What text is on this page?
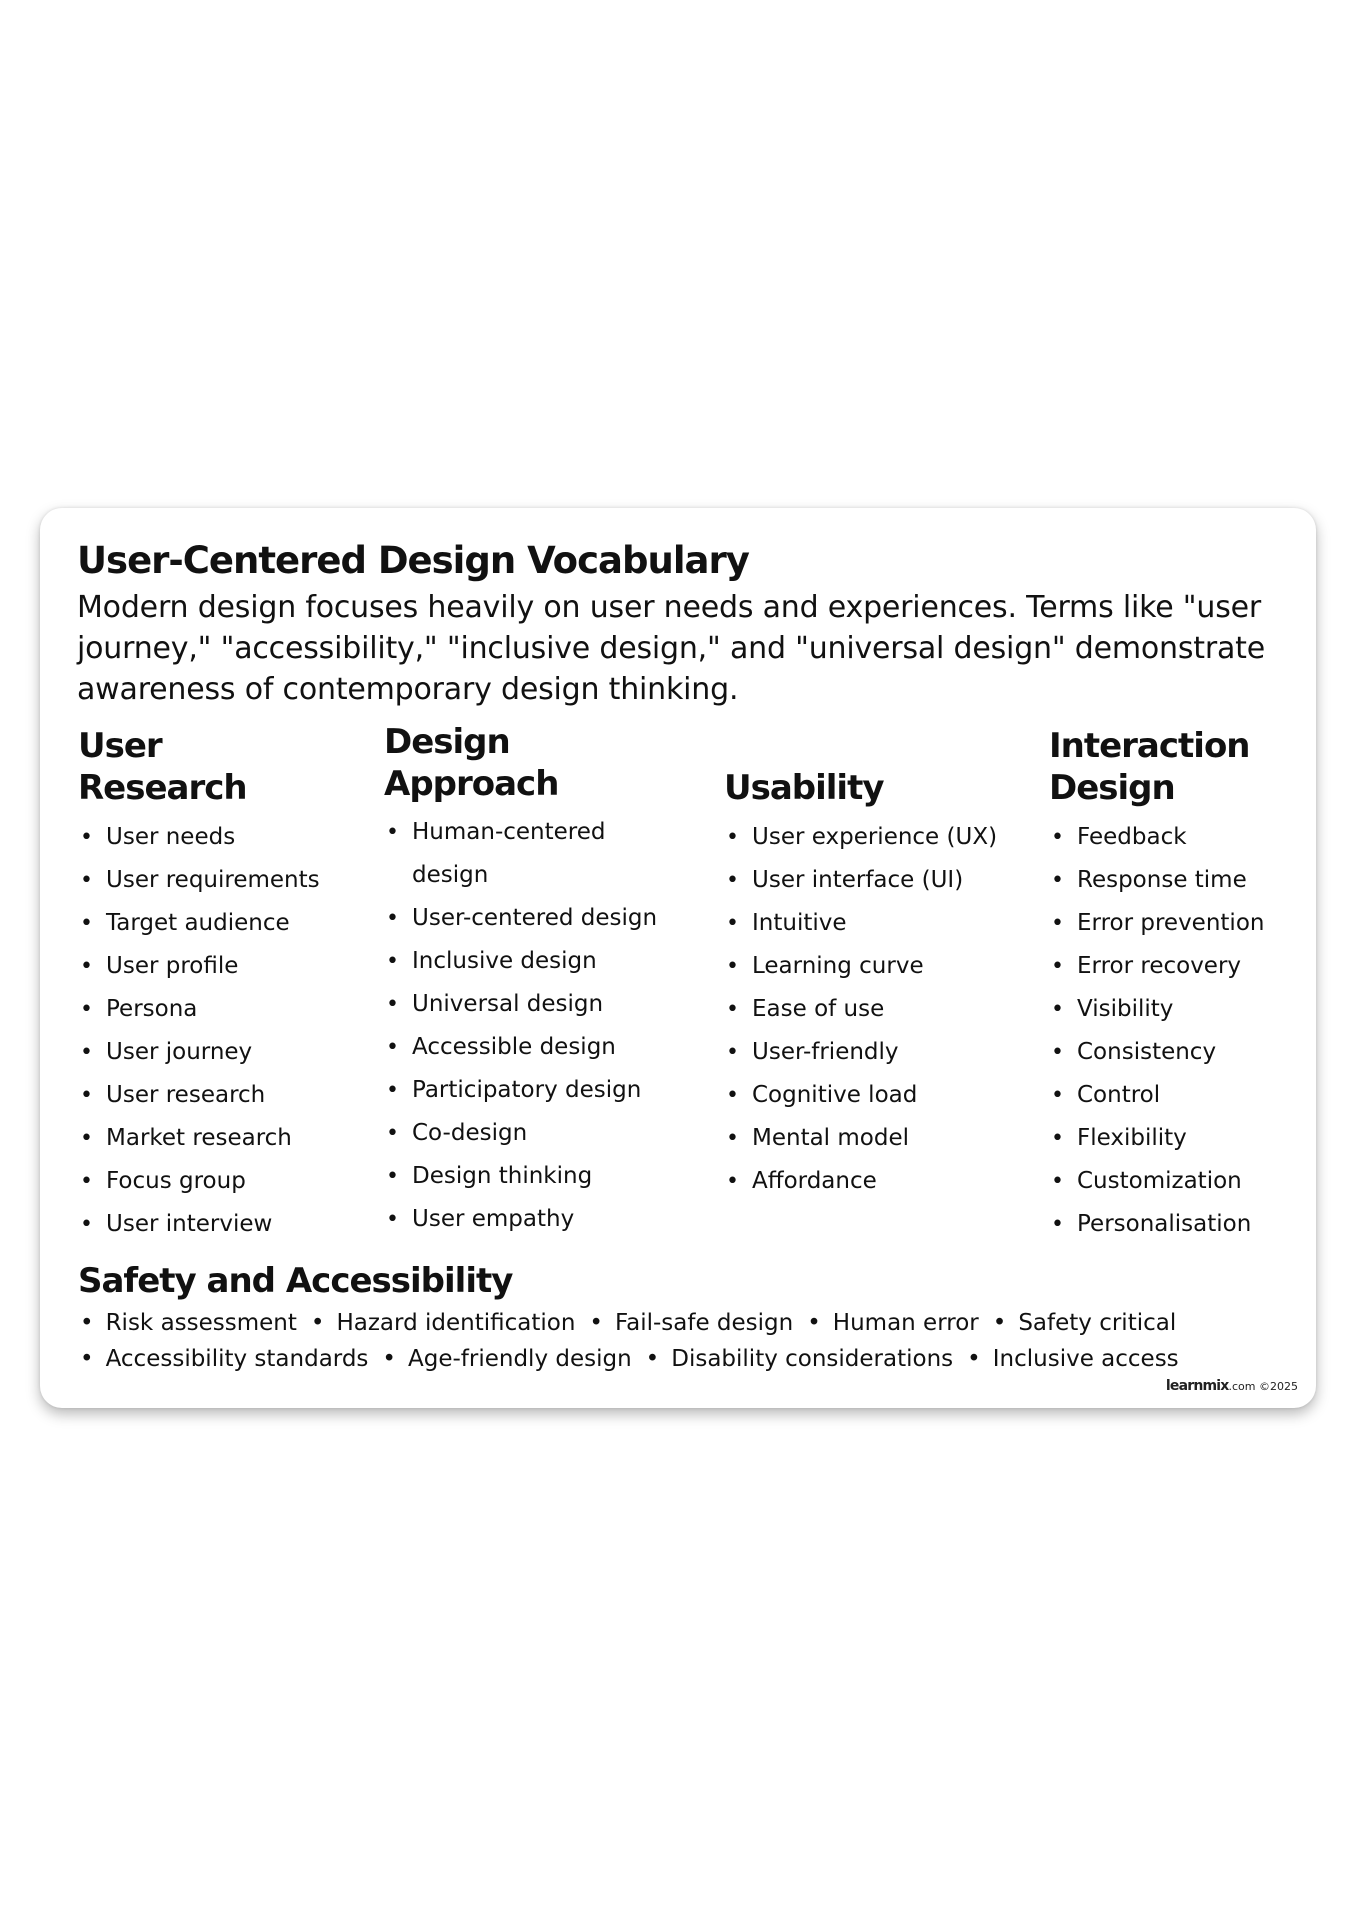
User-Centered Design Vocabulary

Modern design focuses heavily on user needs and experiences. Terms like "user journey," "accessibility," "inclusive design," and "universal design" demonstrate awareness of contemporary design thinking.

User
Research
• User needs
• User requirements
• Target audience
• User profile
• Persona
• User journey
• User research
• Market research
• Focus group
• User interview
Design
Approach
• Human-centered design
• User-centered design
• Inclusive design
• Universal design
• Accessible design
• Participatory design
• Co-design
• Design thinking
• User empathy
Usability
• User experience (UX)
• User interface (UI)
• Intuitive
• Learning curve
• Ease of use
• User-friendly
• Cognitive load
• Mental model
• Affordance
Interaction
Design
• Feedback
• Response time
• Error prevention
• Error recovery
• Visibility
• Consistency
• Control
• Flexibility
• Customization
• Personalisation
Safety and Accessibility
• Risk assessment • Hazard identification • Fail-safe design • Human error • Safety critical
• Accessibility standards • Age-friendly design • Disability considerations • Inclusive access
learnmix.com ©2025
